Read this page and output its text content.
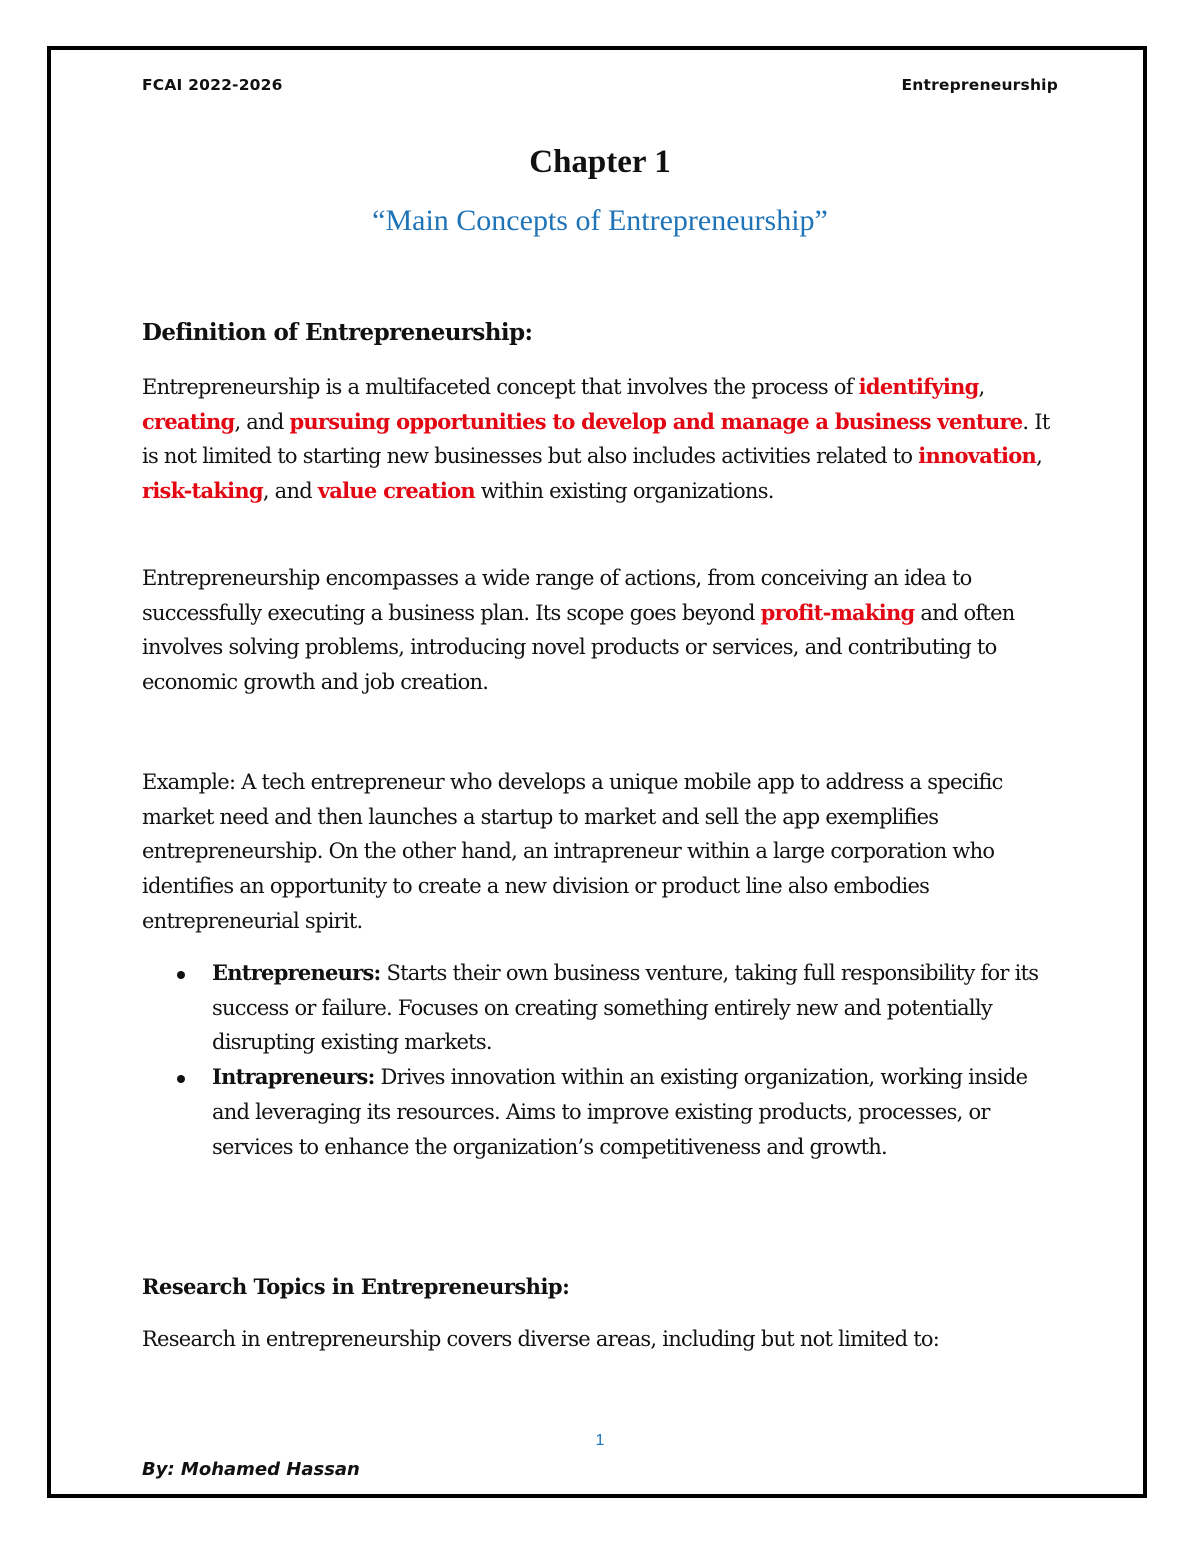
FCAI 2022-2026	Entrepreneurship
Chapter 1
“Main Concepts of Entrepreneurship”
Definition of Entrepreneurship:

Entrepreneurship is a multifaceted concept that involves the process of identifying, creating, and pursuing opportunities to develop and manage a business venture. It is not limited to starting new businesses but also includes activities related to innovation, risk-taking, and value creation within existing organizations.

Entrepreneurship encompasses a wide range of actions, from conceiving an idea to successfully executing a business plan. Its scope goes beyond profit-making and often involves solving problems, introducing novel products or services, and contributing to economic growth and job creation.

Example: A tech entrepreneur who develops a unique mobile app to address a specific market need and then launches a startup to market and sell the app exemplifies entrepreneurship. On the other hand, an intrapreneur within a large corporation who identifies an opportunity to create a new division or product line also embodies entrepreneurial spirit.

Entrepreneurs: Starts their own business venture, taking full responsibility for its success or failure. Focuses on creating something entirely new and potentially disrupting existing markets.
Intrapreneurs: Drives innovation within an existing organization, working inside and leveraging its resources. Aims to improve existing products, processes, or services to enhance the organization’s competitiveness and growth.
Research Topics in Entrepreneurship:

Research in entrepreneurship covers diverse areas, including but not limited to:

1
By: Mohamed Hassan
